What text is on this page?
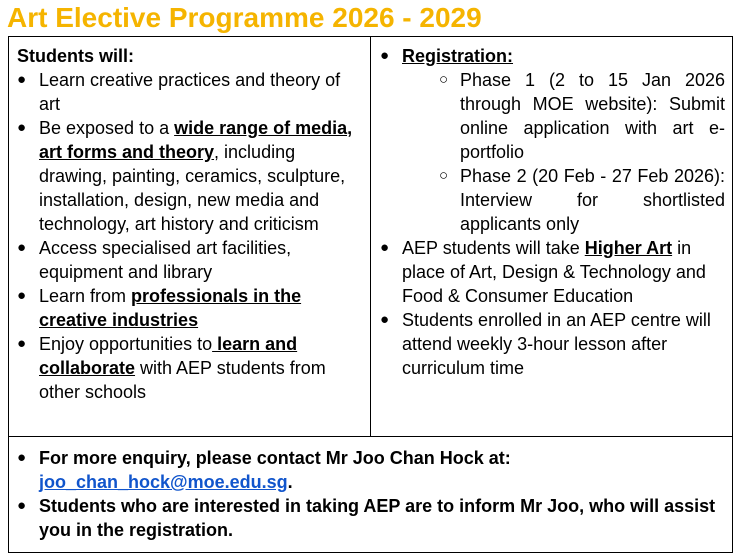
Art Elective Programme 2026 - 2029

Students will:

● Learn creative practices and theory of art
● Be exposed to a wide range of media, art forms and theory, including drawing, painting, ceramics, sculpture, installation, design, new media and technology, art history and criticism
● Access specialised art facilities, equipment and library
● Learn from professionals in the creative industries
● Enjoy opportunities to learn and collaborate with AEP students from other schools
● Registration:
○ Phase 1 (2 to 15 Jan 2026 through MOE website): Submit online application with art e-portfolio
○ Phase 2 (20 Feb - 27 Feb 2026): Interview for shortlisted applicants only
● AEP students will take Higher Art in place of Art, Design & Technology and Food & Consumer Education
● Students enrolled in an AEP centre will attend weekly 3-hour lesson after curriculum time
● For more enquiry, please contact Mr Joo Chan Hock at: joo_chan_hock@moe.edu.sg.
● Students who are interested in taking AEP are to inform Mr Joo, who will assist you in the registration.
